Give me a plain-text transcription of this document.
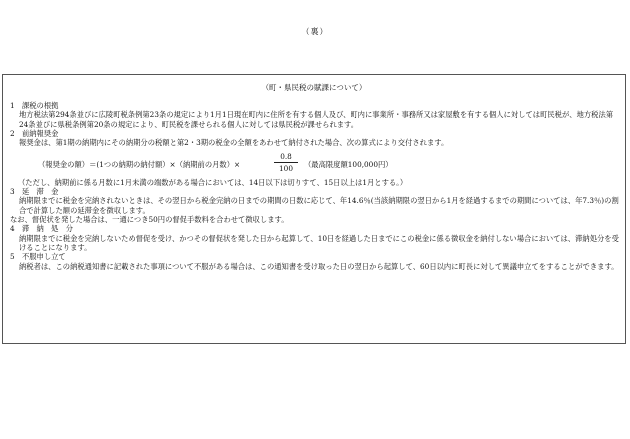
（裏）
（町・県民税の賦課について）

1　課税の根拠

地方税法第294条並びに広陵町税条例第23条の規定により1月1日現在町内に住所を有する個人及び、町内に事業所・事務所又は家屋敷を有する個人に対しては町民税が、地方税法第24条並びに県税条例第20条の規定により、町民税を課せられる個人に対しては県民税が課せられます。

2　前納報奨金

報奨金は、第1期の納期内にその納期分の税額と第2・3期の税金の全額をあわせて納付された場合、次の算式により交付されます。

（報奨金の額）＝(1つの納期の納付額）×（納期前の月数）×	$\frac{0.8}{100}$ （最高限度額100,000円）

（ただし、納期前に係る月数に1月未満の端数がある場合においては、14日以下は切りすて、15日以上は1月とする。）

3　延　滞　金

納期限までに税金を完納されないときは、その翌日から税金完納の日までの期間の日数に応じて、年14.6％(当該納期限の翌日から1月を経過するまでの期間については、年7.3％)の割合で計算した額の延滞金を徴収します。

なお、督促状を発した場合は、一通につき50円の督促手数料を合わせて徴収します。

4　滞　納　処　分

納期限までに税金を完納しないため督促を受け、かつその督促状を発した日から起算して、10日を経過した日までにこの税金に係る徴収金を納付しない場合においては、滞納処分を受けることになります。

5　不服申し立て

納税者は、この納税通知書に記載された事項について不服がある場合は、この通知書を受け取った日の翌日から起算して、60日以内に町長に対して異議申立てをすることができます。
